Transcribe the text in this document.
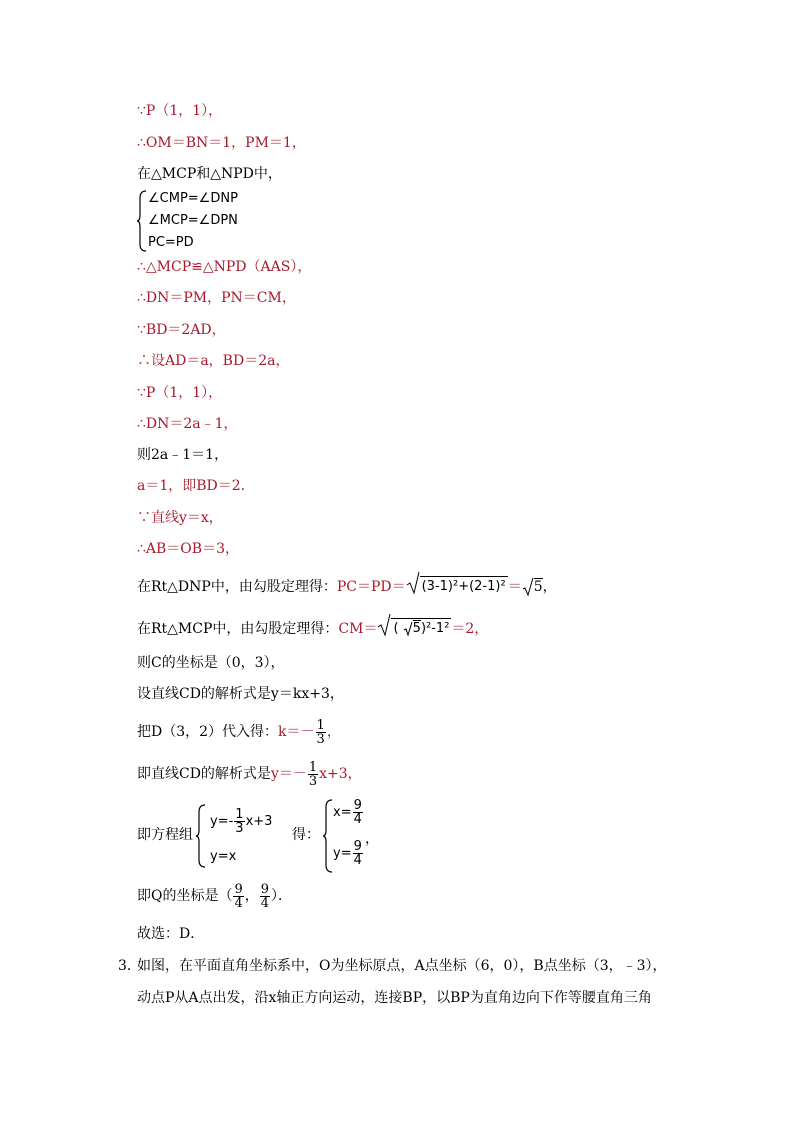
∵P（1，1），
∴OM＝BN＝1，PM＝1，
在△MCP和△NPD中，
∠CMP=∠DNP
∠MCP=∠DPN
PC=PD
∴△MCP≌△NPD（AAS），
∴DN＝PM，PN＝CM，
∵BD＝2AD，
∴设AD＝a，BD＝2a，
∵P（1，1），
∴DN＝2a﹣1，
则2a﹣1＝1，
a＝1，即BD＝2．
∵直线y＝x，
∴AB＝OB＝3，
在Rt△DNP中，由勾股定理得：PC＝PD＝ (3-1)²+(2-1)² ＝ 5，
在Rt△MCP中，由勾股定理得：CM＝ ( 5)²-1² ＝2，
则C的坐标是（0，3），
设直线CD的解析式是y＝kx+3，
把D（3，2）代入得：$k=- \frac{1}{3}$ ，
即直线CD的解析式是$y=- \frac{1}{3} x+3$，
即方程组
$y=- \frac{1}{3} x+3$
y=x
得：
$x= \frac{9}{4}$
，
$y= \frac{9}{4}$
即Q的坐标是（ $\frac{9}{4}$ ， $\frac{9}{4}$ ）．
故选：D．
3．
如图，在平面直角坐标系中，O为坐标原点，A点坐标（6，0），B点坐标（3，﹣3），
动点P从A点出发，沿x轴正方向运动，连接BP，以BP为直角边向下作等腰直角三角
